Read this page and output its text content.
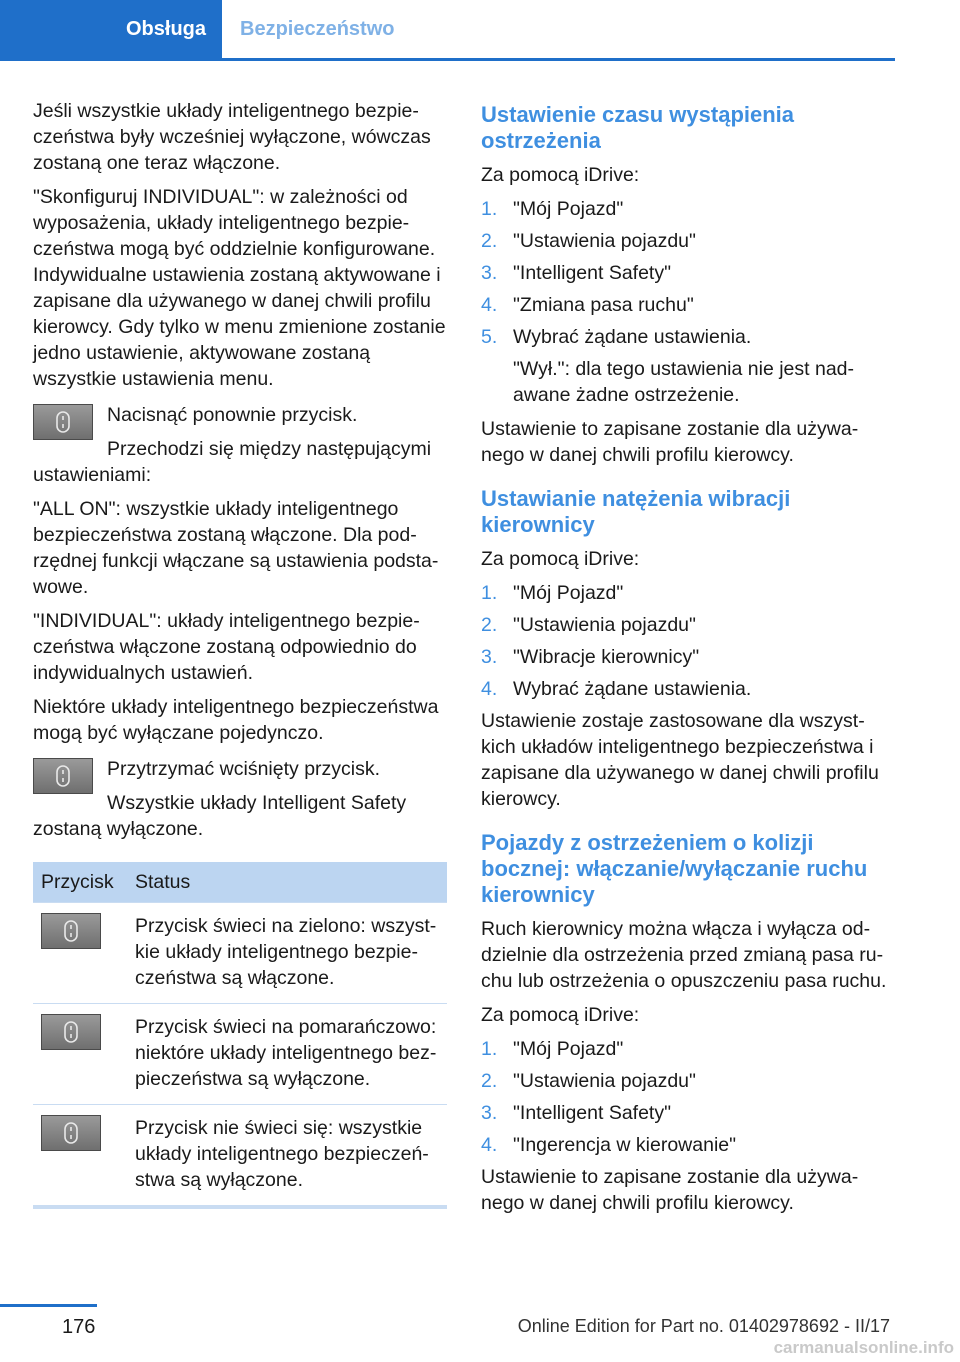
Obsługa	Bezpieczeństwo

Jeśli wszystkie układy inteligentnego bezpieczeństwa były wcześniej wyłączone, wówczas zostaną one teraz włączone.

"Skonfiguruj INDIVIDUAL": w zależności od wyposażenia, układy inteligentnego bezpieczeństwa mogą być oddzielnie konfigurowane. Indywidualne ustawienia zostaną aktywowane i zapisane dla używanego w danej chwili profilu kierowcy. Gdy tylko w menu zmienione zostanie jedno ustawienie, aktywowane zostaną wszystkie ustawienia menu.

Nacisnąć ponownie przycisk.

Przechodzi się między następującymi ustawieniami:

"ALL ON": wszystkie układy inteligentnego bezpieczeństwa zostaną włączone. Dla podrzędnej funkcji włączane są ustawienia podstawowe.

"INDIVIDUAL": układy inteligentnego bezpieczeństwa włączone zostaną odpowiednio do indywidualnych ustawień.

Niektóre układy inteligentnego bezpieczeństwa mogą być wyłączane pojedynczo.

Przytrzymać wciśnięty przycisk.

Wszystkie układy Intelligent Safety zostaną wyłączone.

Przycisk	Status

	Przycisk świeci na zielono: wszystkie układy inteligentnego bezpieczeństwa są włączone.

	Przycisk świeci na pomarańczowo: niektóre układy inteligentnego bezpieczeństwa są wyłączone.

	Przycisk nie świeci się: wszystkie układy inteligentnego bezpieczeństwa są wyłączone.
Ustawienie czasu wystąpienia ostrzeżenia

Za pomocą iDrive:

1. "Mój Pojazd"
2. "Ustawienia pojazdu"
3. "Intelligent Safety"
4. "Zmiana pasa ruchu"
5. Wybrać żądane ustawienia.

"Wył.": dla tego ustawienia nie jest nadawane żadne ostrzeżenie.

Ustawienie to zapisane zostanie dla używanego w danej chwili profilu kierowcy.

Ustawianie natężenia wibracji kierownicy

Za pomocą iDrive:

1. "Mój Pojazd"
2. "Ustawienia pojazdu"
3. "Wibracje kierownicy"
4. Wybrać żądane ustawienia.

Ustawienie zostaje zastosowane dla wszystkich układów inteligentnego bezpieczeństwa i zapisane dla używanego w danej chwili profilu kierowcy.

Pojazdy z ostrzeżeniem o kolizji bocznej: włączanie/wyłączanie ruchu kierownicy

Ruch kierownicy można włącza i wyłącza oddzielnie dla ostrzeżenia przed zmianą pasa ruchu lub ostrzeżenia o opuszczeniu pasa ruchu.

Za pomocą iDrive:

1. "Mój Pojazd"
2. "Ustawienia pojazdu"
3. "Intelligent Safety"
4. "Ingerencja w kierowanie"

Ustawienie to zapisane zostanie dla używanego w danej chwili profilu kierowcy.

176	Online Edition for Part no. 01402978692 - II/17
carmanualsonline.info
